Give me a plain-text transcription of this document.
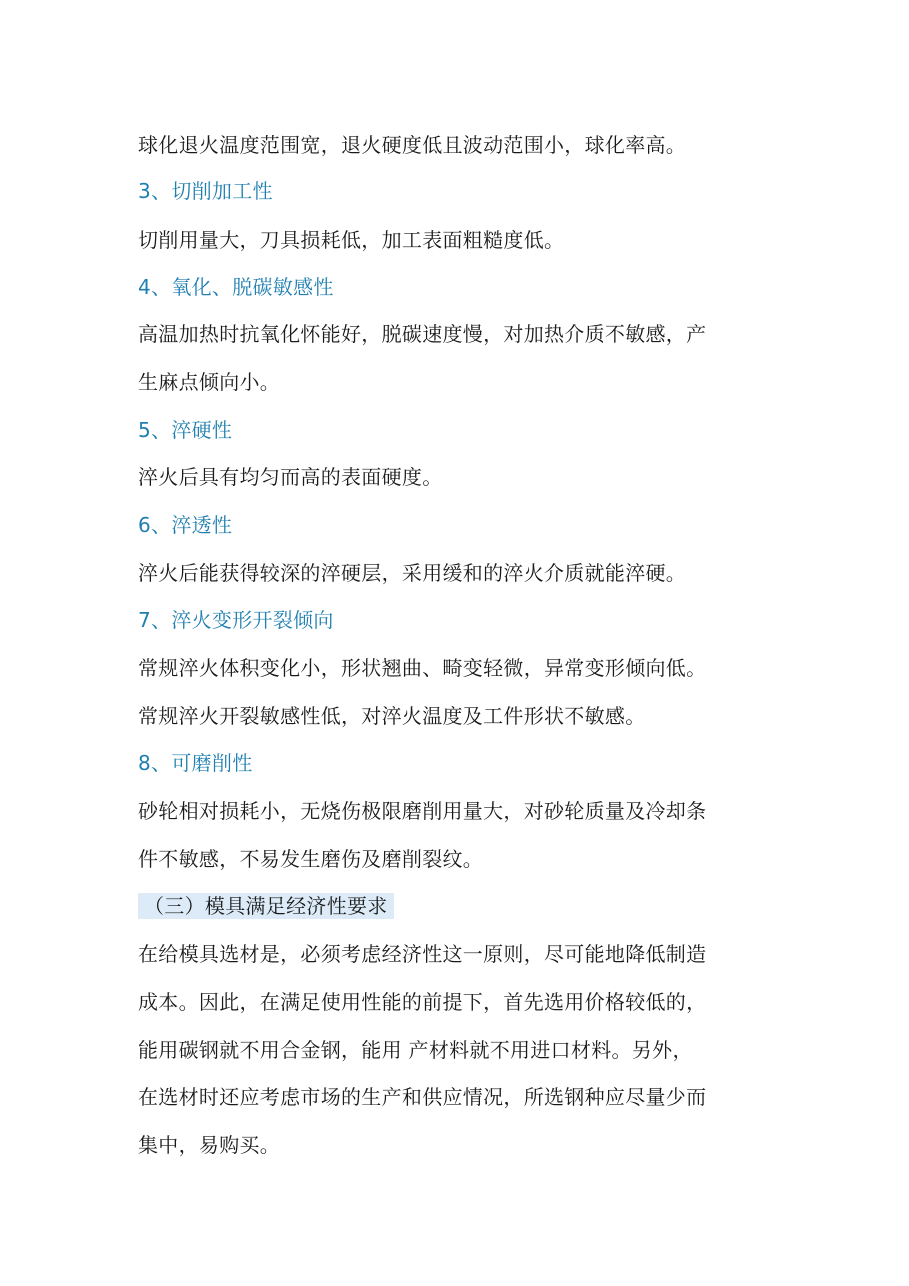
球化退火温度范围宽，退火硬度低且波动范围小，球化率高。
3、切削加工性
切削用量大，刀具损耗低，加工表面粗糙度低。
4、氧化、脱碳敏感性
高温加热时抗氧化怀能好，脱碳速度慢，对加热介质不敏感，产
生麻点倾向小。
5、淬硬性
淬火后具有均匀而高的表面硬度。
6、淬透性
淬火后能获得较深的淬硬层，采用缓和的淬火介质就能淬硬。
7、淬火变形开裂倾向
常规淬火体积变化小，形状翘曲、畸变轻微，异常变形倾向低。
常规淬火开裂敏感性低，对淬火温度及工件形状不敏感。
8、可磨削性
砂轮相对损耗小，无烧伤极限磨削用量大，对砂轮质量及冷却条
件不敏感，不易发生磨伤及磨削裂纹。
（三）模具满足经济性要求
在给模具选材是，必须考虑经济性这一原则，尽可能地降低制造
成本。因此，在满足使用性能的前提下，首先选用价格较低的，
能用碳钢就不用合金钢，能用 产材料就不用进口材料。另外，
在选材时还应考虑市场的生产和供应情况，所选钢种应尽量少而
集中，易购买。
